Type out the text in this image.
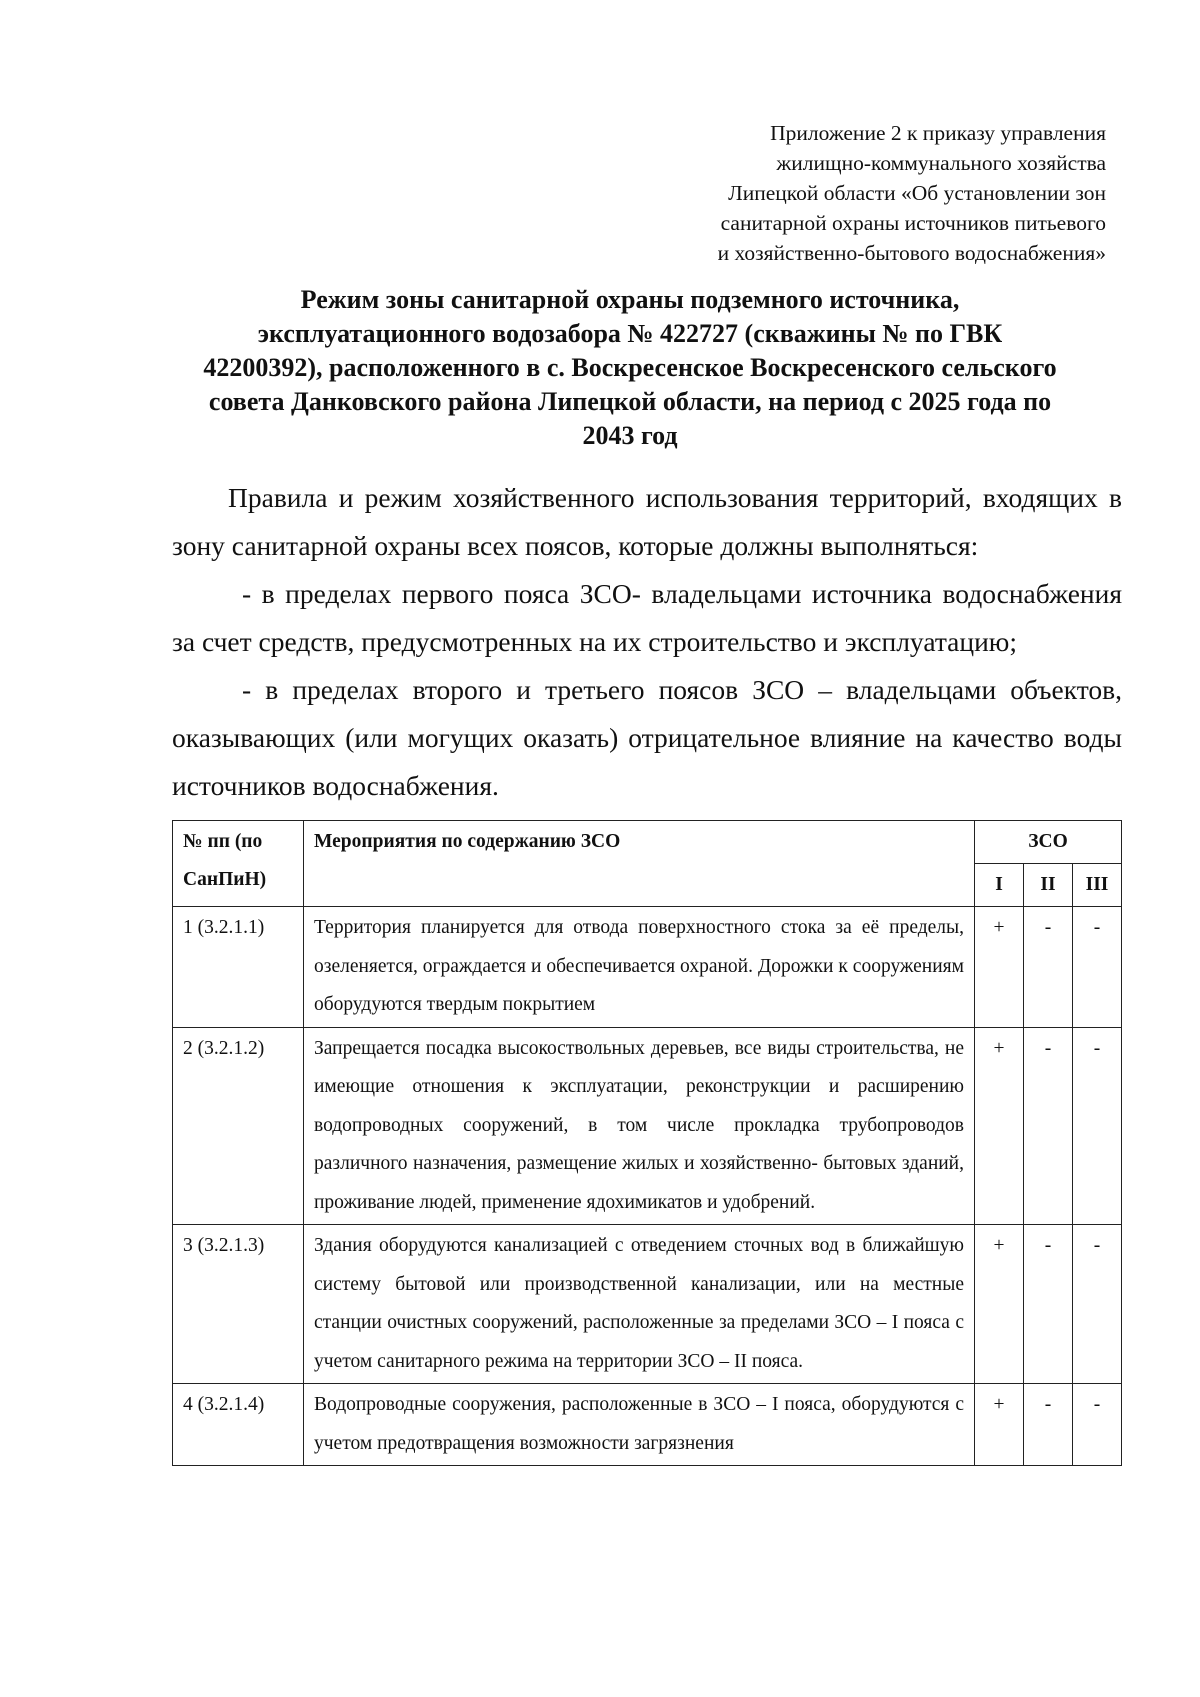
Приложение 2 к приказу управления
жилищно-коммунального хозяйства
Липецкой области «Об установлении зон
санитарной охраны источников питьевого
и хозяйственно-бытового водоснабжения»
Режим зоны санитарной охраны подземного источника,
эксплуатационного водозабора № 422727 (скважины № по ГВК
42200392), расположенного в с. Воскресенское Воскресенского сельского
совета Данковского района Липецкой области, на период с 2025 года по
2043 год

Правила и режим хозяйственного использования территорий, входящих в зону санитарной охраны всех поясов, которые должны выполняться:

- в пределах первого пояса ЗСО- владельцами источника водоснабжения за счет средств, предусмотренных на их строительство и эксплуатацию;

- в пределах второго и третьего поясов ЗСО – владельцами объектов, оказывающих (или могущих оказать) отрицательное влияние на качество воды источников водоснабжения.

№ пп (по
СанПиН)	Мероприятия по содержанию ЗСО	ЗСО		
		I	II	III
1 (3.2.1.1)	Территория планируется для отвода поверхностного стока за её пределы, озеленяется, ограждается и обеспечивается охраной. Дорожки к сооружениям оборудуются твердым покрытием	+	-	-
2 (3.2.1.2)	Запрещается посадка высокоствольных деревьев, все виды строительства, не имеющие отношения к эксплуатации, реконструкции и расширению водопроводных сооружений, в том числе прокладка трубопроводов различного назначения, размещение жилых и хозяйственно- бытовых зданий, проживание людей, применение ядохимикатов и удобрений.	+	-	-
3 (3.2.1.3)	Здания оборудуются канализацией с отведением сточных вод в ближайшую систему бытовой или производственной канализации, или на местные станции очистных сооружений, расположенные за пределами ЗСО – I пояса с учетом санитарного режима на территории ЗСО – II пояса.	+	-	-
4 (3.2.1.4)	Водопроводные сооружения, расположенные в ЗСО – I пояса, оборудуются с учетом предотвращения возможности загрязнения	+	-	-
